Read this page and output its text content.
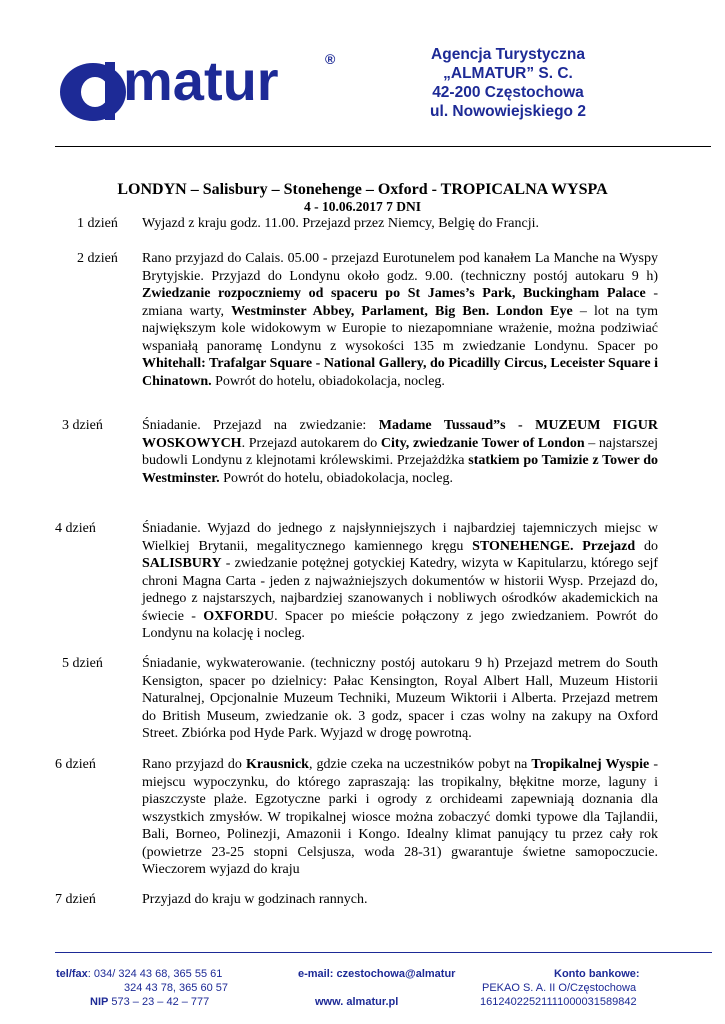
matur	®	Agencja Turystyczna
„ALMATUR” S. C.
42-200 Częstochowa
ul. Nowowiejskiego 2
LONDYN – Salisbury – Stonehenge – Oxford - TROPICALNA WYSPA
4 - 10.06.2017 7 DNI
1 dzień Wyjazd z kraju godz. 11.00. Przejazd przez Niemcy, Belgię do Francji.
2 dzień Rano przyjazd do Calais. 05.00 - przejazd Eurotunelem pod kanałem La Manche na Wyspy Brytyjskie. Przyjazd do Londynu około godz. 9.00. (techniczny postój autokaru 9 h) Zwiedzanie rozpoczniemy od spaceru po St James’s Park, Buckingham Palace - zmiana warty, Westminster Abbey, Parlament, Big Ben. London Eye – lot na tym największym kole widokowym w Europie to niezapomniane wrażenie, można podziwiać wspaniałą panoramę Londynu z wysokości 135 m zwiedzanie Londynu. Spacer po Whitehall: Trafalgar Square - National Gallery, do Picadilly Circus, Leceister Square i Chinatown. Powrót do hotelu, obiadokolacja, nocleg.
3 dzień	Śniadanie. Przejazd na zwiedzanie: Madame Tussaud”s - MUZEUM FIGUR WOSKOWYCH. Przejazd autokarem do City, zwiedzanie Tower of London – najstarszej budowli Londynu z klejnotami królewskimi. Przejażdżka statkiem po Tamizie z Tower do Westminster. Powrót do hotelu, obiadokolacja, nocleg.
4 dzień	Śniadanie. Wyjazd do jednego z najsłynniejszych i najbardziej tajemniczych miejsc w Wielkiej Brytanii, megalitycznego kamiennego kręgu STONEHENGE. Przejazd do SALISBURY - zwiedzanie potężnej gotyckiej Katedry, wizyta w Kapitularzu, którego sejf chroni Magna Carta - jeden z najważniejszych dokumentów w historii Wysp. Przejazd do, jednego z najstarszych, najbardziej szanowanych i nobliwych ośrodków akademickich na świecie - OXFORDU. Spacer po mieście połączony z jego zwiedzaniem. Powrót do Londynu na kolację i nocleg.
5 dzień	Śniadanie, wykwaterowanie. (techniczny postój autokaru 9 h) Przejazd metrem do South Kensigton, spacer po dzielnicy: Pałac Kensington, Royal Albert Hall, Muzeum Historii Naturalnej, Opcjonalnie Muzeum Techniki, Muzeum Wiktorii i Alberta. Przejazd metrem do British Museum, zwiedzanie ok. 3 godz, spacer i czas wolny na zakupy na Oxford Street. Zbiórka pod Hyde Park. Wyjazd w drogę powrotną.
6 dzień	Rano przyjazd do Krausnick, gdzie czeka na uczestników pobyt na Tropikalnej Wyspie - miejscu wypoczynku, do którego zapraszają: las tropikalny, błękitne morze, laguny i piaszczyste plaże. Egzotyczne parki i ogrody z orchideami zapewniają doznania dla wszystkich zmysłów. W tropikalnej wiosce można zobaczyć domki typowe dla Tajlandii, Bali, Borneo, Polinezji, Amazonii i Kongo. Idealny klimat panujący tu przez cały rok (powietrze 23-25 stopni Celsjusza, woda 28-31) gwarantuje świetne samopoczucie. Wieczorem wyjazd do kraju
7 dzień	Przyjazd do kraju w godzinach rannych.
tel/fax: 034/ 324 43 68, 365 55 61
324 43 78, 365 60 57
NIP 573 – 23 – 42 – 777
e-mail: czestochowa@almatur
www. almatur.pl
Konto bankowe:
PEKAO S. A. II O/Częstochowa
16124022521111000031589842
